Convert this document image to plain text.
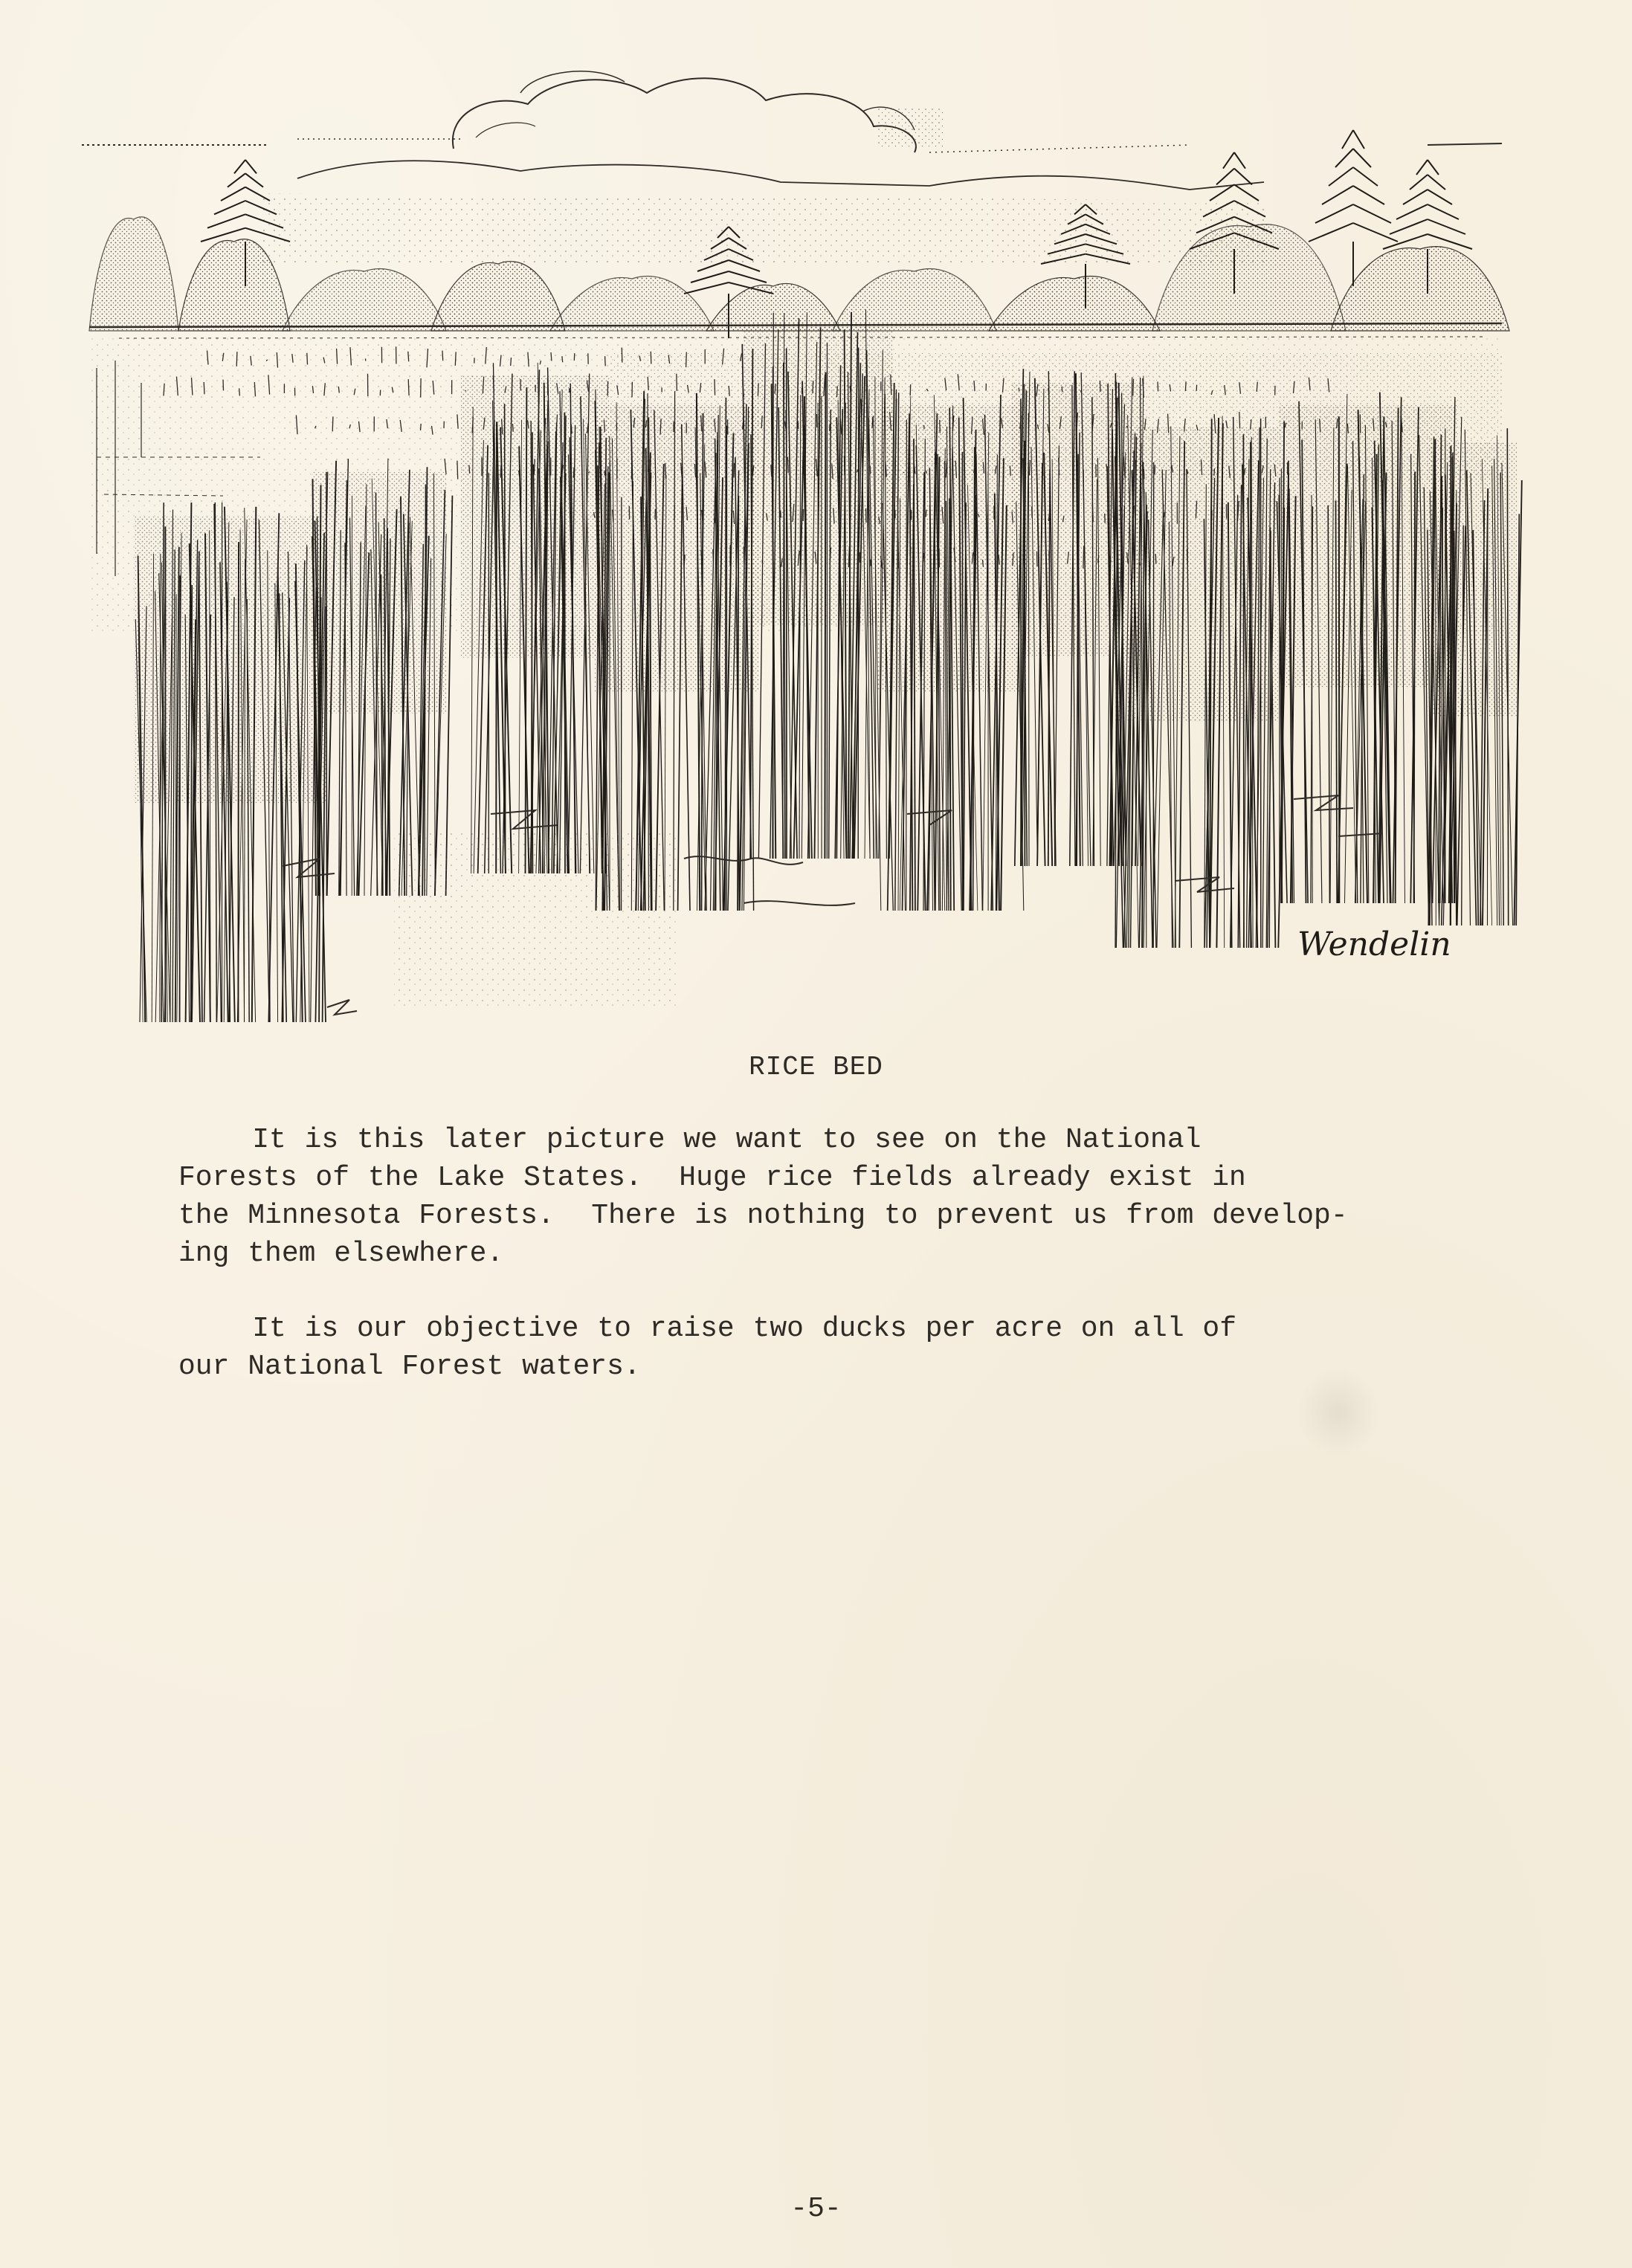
Wendelin
RICE BED
It is this later picture we want to see on the National
Forests of the Lake States.  Huge rice fields already exist in
the Minnesota Forests.  There is nothing to prevent us from develop-
ing them elsewhere.
It is our objective to raise two ducks per acre on all of
our National Forest waters.
-5-
